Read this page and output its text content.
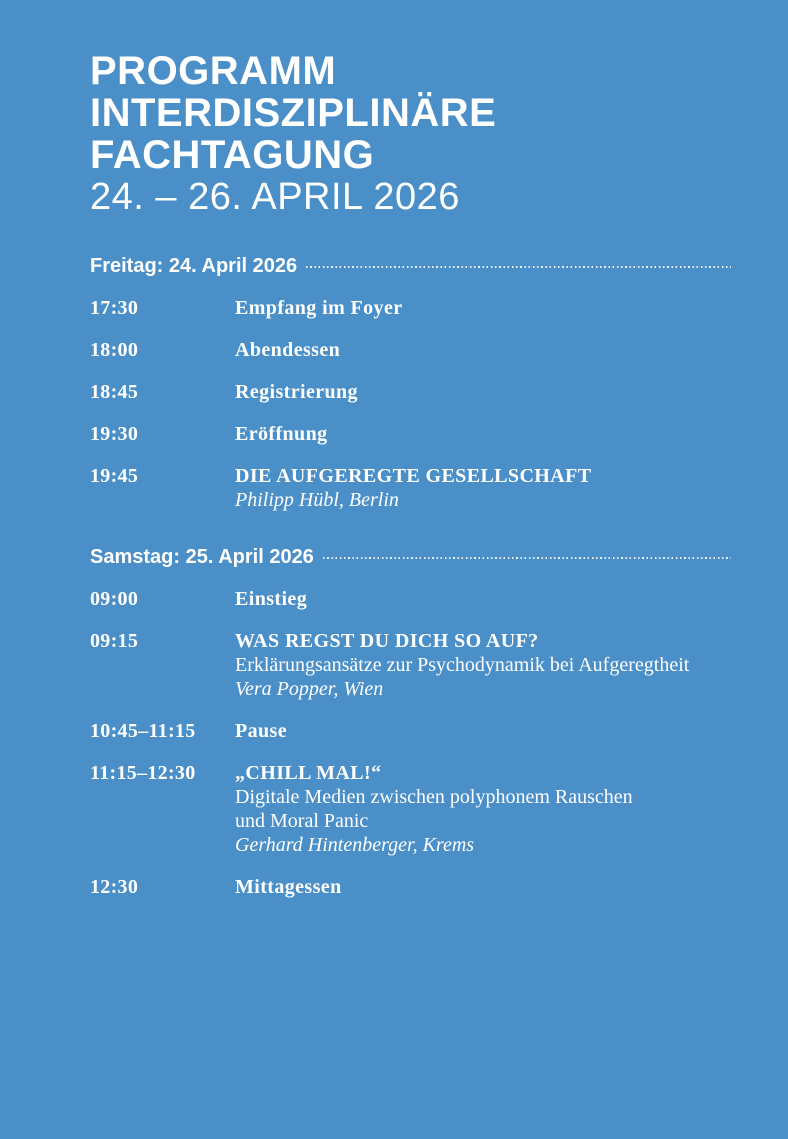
PROGRAMM
INTERDISZIPLINÄRE
FACHTAGUNG
24. – 26. APRIL 2026
Freitag: 24. April 2026
17:30	Empfang im Foyer
18:00	Abendessen
18:45	Registrierung
19:30	Eröffnung
19:45	DIE AUFGEREGTE GESELLSCHAFT
Philipp Hübl, Berlin
Samstag: 25. April 2026
09:00	Einstieg
09:15	WAS REGST DU DICH SO AUF?
Erklärungsansätze zur Psychodynamik bei Aufgeregtheit
Vera Popper, Wien
10:45–11:15	Pause
11:15–12:30	„CHILL MAL!“
Digitale Medien zwischen polyphonem Rauschen
und Moral Panic
Gerhard Hintenberger, Krems
12:30	Mittagessen
